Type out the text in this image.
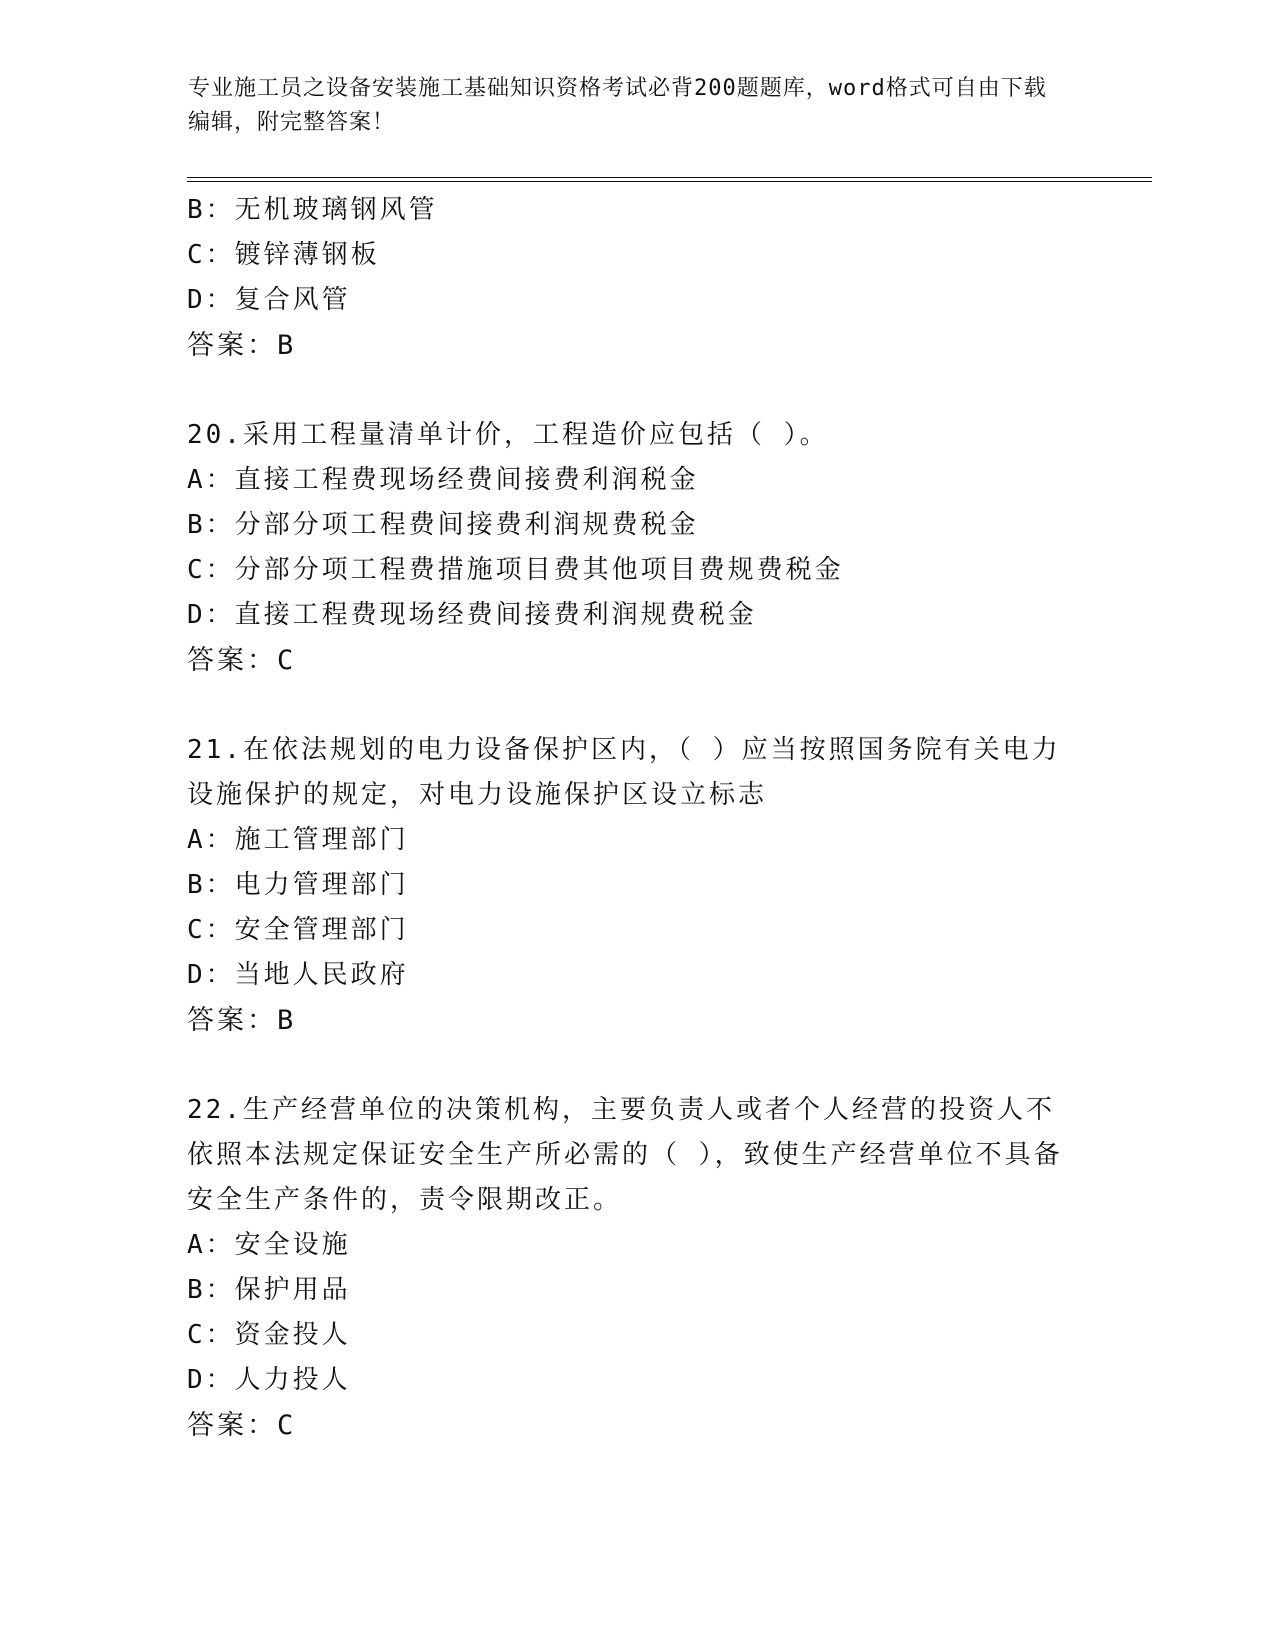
专业施工员之设备安装施工基础知识资格考试必背200题题库，word格式可自由下载编辑，附完整答案！
B：无机玻璃钢风管
C：镀锌薄钢板
D：复合风管
答案：B
20.采用工程量清单计价，工程造价应包括（ ）。
A：直接工程费现场经费间接费利润税金
B：分部分项工程费间接费利润规费税金
C：分部分项工程费措施项目费其他项目费规费税金
D：直接工程费现场经费间接费利润规费税金
答案：C
21.在依法规划的电力设备保护区内，（ ）应当按照国务院有关电力设施保护的规定，对电力设施保护区设立标志
A：施工管理部门
B：电力管理部门
C：安全管理部门
D：当地人民政府
答案：B
22.生产经营单位的决策机构，主要负责人或者个人经营的投资人不依照本法规定保证安全生产所必需的（ ），致使生产经营单位不具备安全生产条件的，责令限期改正。
A：安全设施
B：保护用品
C：资金投人
D：人力投人
答案：C
